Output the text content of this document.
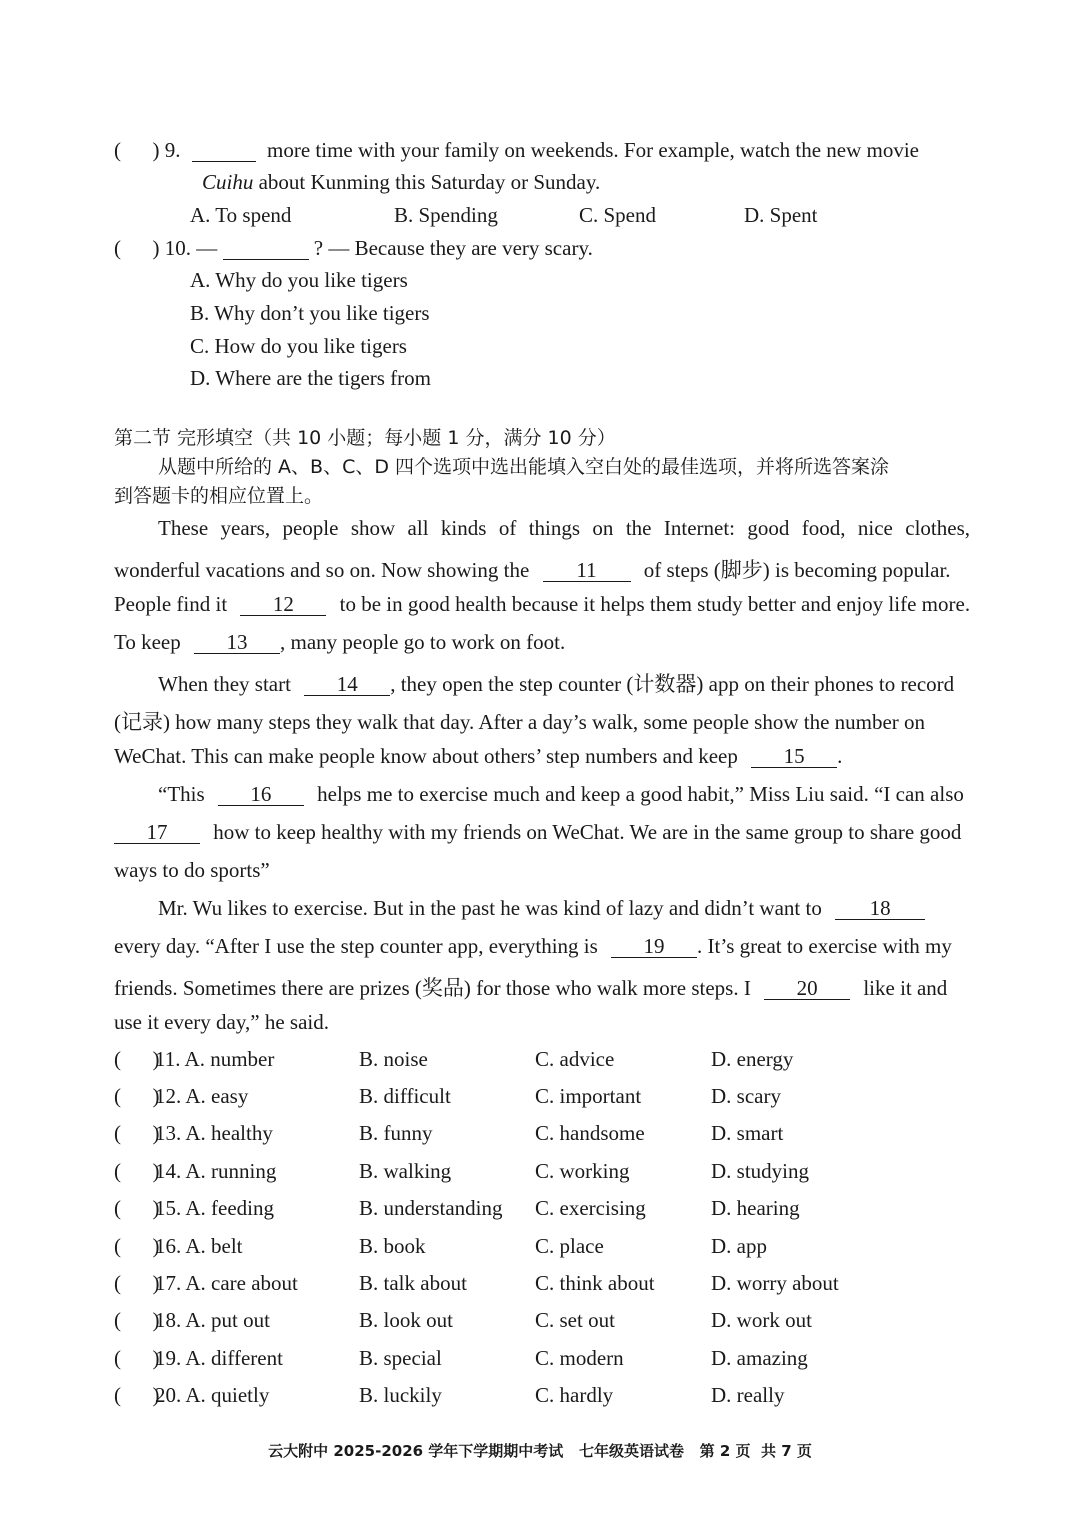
(      ) 9.	more time with your family on weekends. For example, watch the new movie
Cuihu about Kunming this Saturday or Sunday.
A. To spend	B. Spending	C. Spend	D. Spent
(      ) 10. —	? — Because they are very scary.
A. Why do you like tigers
B. Why don’t you like tigers
C. How do you like tigers
D. Where are the tigers from
第二节 完形填空（共 10 小题；每小题 1 分，满分 10 分）
从题中所给的 A、B、C、D 四个选项中选出能填入空白处的最佳选项，并将所选答案涂
到答题卡的相应位置上。
These years, people show all kinds of things on the Internet: good food, nice clothes,
wonderful vacations and so on. Now showing the 11 of steps (脚步) is becoming popular.
People find it 12 to be in good health because it helps them study better and enjoy life more.
To keep 13 , many people go to work on foot.
When they start 14 , they open the step counter (计数器) app on their phones to record
(记录) how many steps they walk that day. After a day’s walk, some people show the number on
WeChat. This can make people know about others’ step numbers and keep 15 .
“This 16 helps me to exercise much and keep a good habit,” Miss Liu said. “I can also
17 how to keep healthy with my friends on WeChat. We are in the same group to share good
ways to do sports”
Mr. Wu likes to exercise. But in the past he was kind of lazy and didn’t want to 18
every day. “After I use the step counter app, everything is 19 . It’s great to exercise with my
friends. Sometimes there are prizes (奖品) for those who walk more steps. I 20 like it and
use it every day,” he said.
(      )
11. A. number	B. noise	C. advice	D. energy
(      )
12. A. easy	B. difficult	C. important	D. scary
(      )
13. A. healthy	B. funny	C. handsome	D. smart
(      )
14. A. running	B. walking	C. working	D. studying
(      )
15. A. feeding	B. understanding C. exercising	D. hearing
(      )
16. A. belt	B. book	C. place	D. app
(      )
17. A. care about	B. talk about	C. think about	D. worry about
(      )
18. A. put out	B. look out	C. set out	D. work out
(      )
19. A. different	B. special	C. modern	D. amazing
(      )
20. A. quietly	B. luckily	C. hardly	D. really
云大附中 2025-2026 学年下学期期中考试   七年级英语试卷   第 2 页  共 7 页
